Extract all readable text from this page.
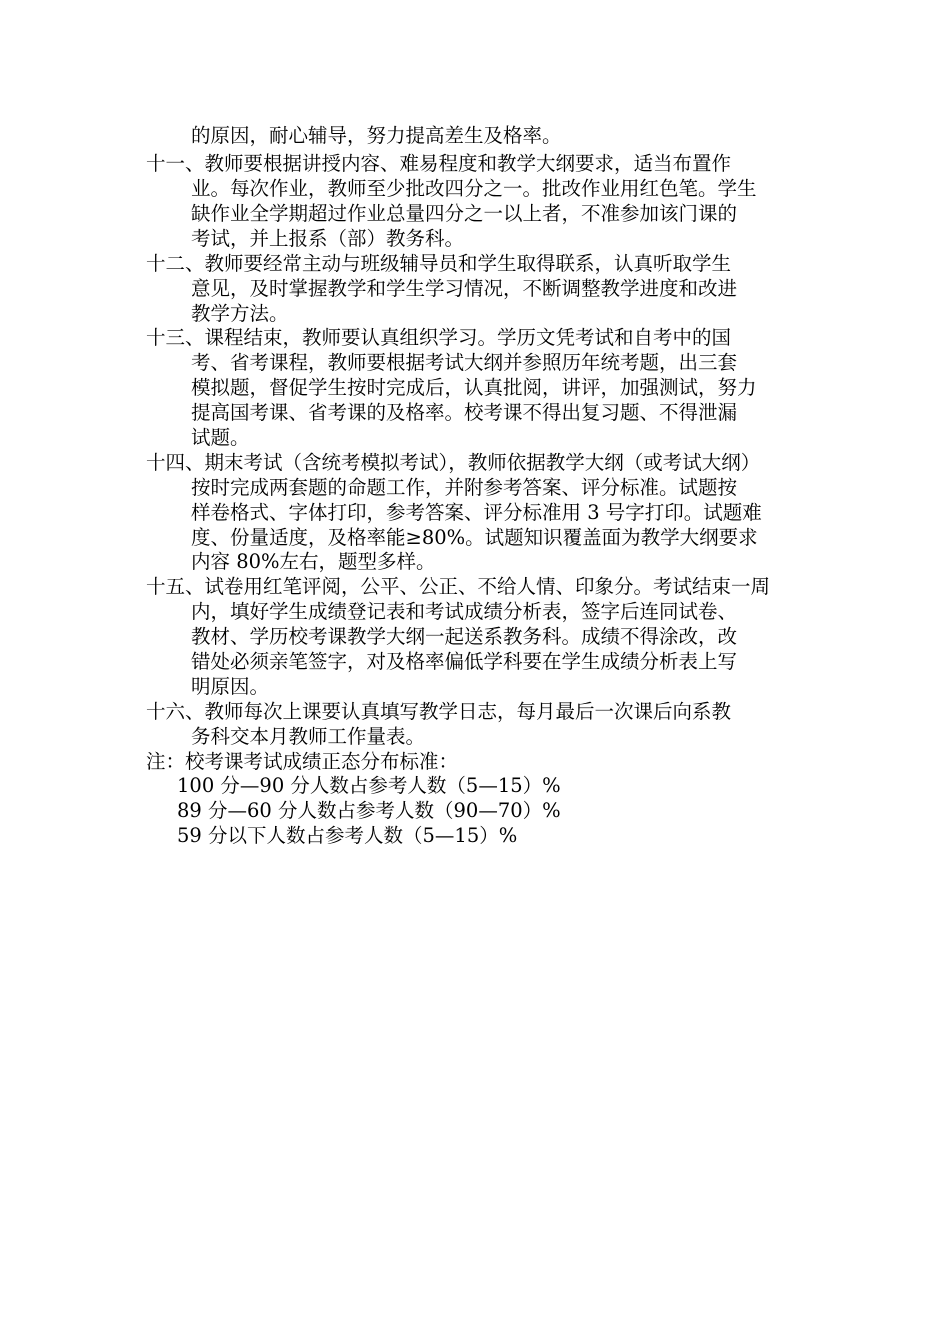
的原因，耐心辅导，努力提高差生及格率。
十一、教师要根据讲授内容、难易程度和教学大纲要求，适当布置作
业。每次作业，教师至少批改四分之一。批改作业用红色笔。学生
缺作业全学期超过作业总量四分之一以上者，不准参加该门课的
考试，并上报系（部）教务科。
十二、教师要经常主动与班级辅导员和学生取得联系，认真听取学生
意见，及时掌握教学和学生学习情况，不断调整教学进度和改进
教学方法。
十三、课程结束，教师要认真组织学习。学历文凭考试和自考中的国
考、省考课程，教师要根据考试大纲并参照历年统考题，出三套
模拟题，督促学生按时完成后，认真批阅，讲评，加强测试，努力
提高国考课、省考课的及格率。校考课不得出复习题、不得泄漏
试题。
十四、期末考试（含统考模拟考试），教师依据教学大纲（或考试大纲）
按时完成两套题的命题工作，并附参考答案、评分标准。试题按
样卷格式、字体打印，参考答案、评分标准用 3 号字打印。试题难
度、份量适度，及格率能≥80%。试题知识覆盖面为教学大纲要求
内容 80%左右，题型多样。
十五、试卷用红笔评阅，公平、公正、不给人情、印象分。考试结束一周
内，填好学生成绩登记表和考试成绩分析表，签字后连同试卷、
教材、学历校考课教学大纲一起送系教务科。成绩不得涂改，改
错处必须亲笔签字，对及格率偏低学科要在学生成绩分析表上写
明原因。
十六、教师每次上课要认真填写教学日志，每月最后一次课后向系教
务科交本月教师工作量表。
注：校考课考试成绩正态分布标准：
100 分—90 分人数占参考人数（5—15）%
89 分—60 分人数占参考人数（90—70）%
59 分以下人数占参考人数（5—15）%
